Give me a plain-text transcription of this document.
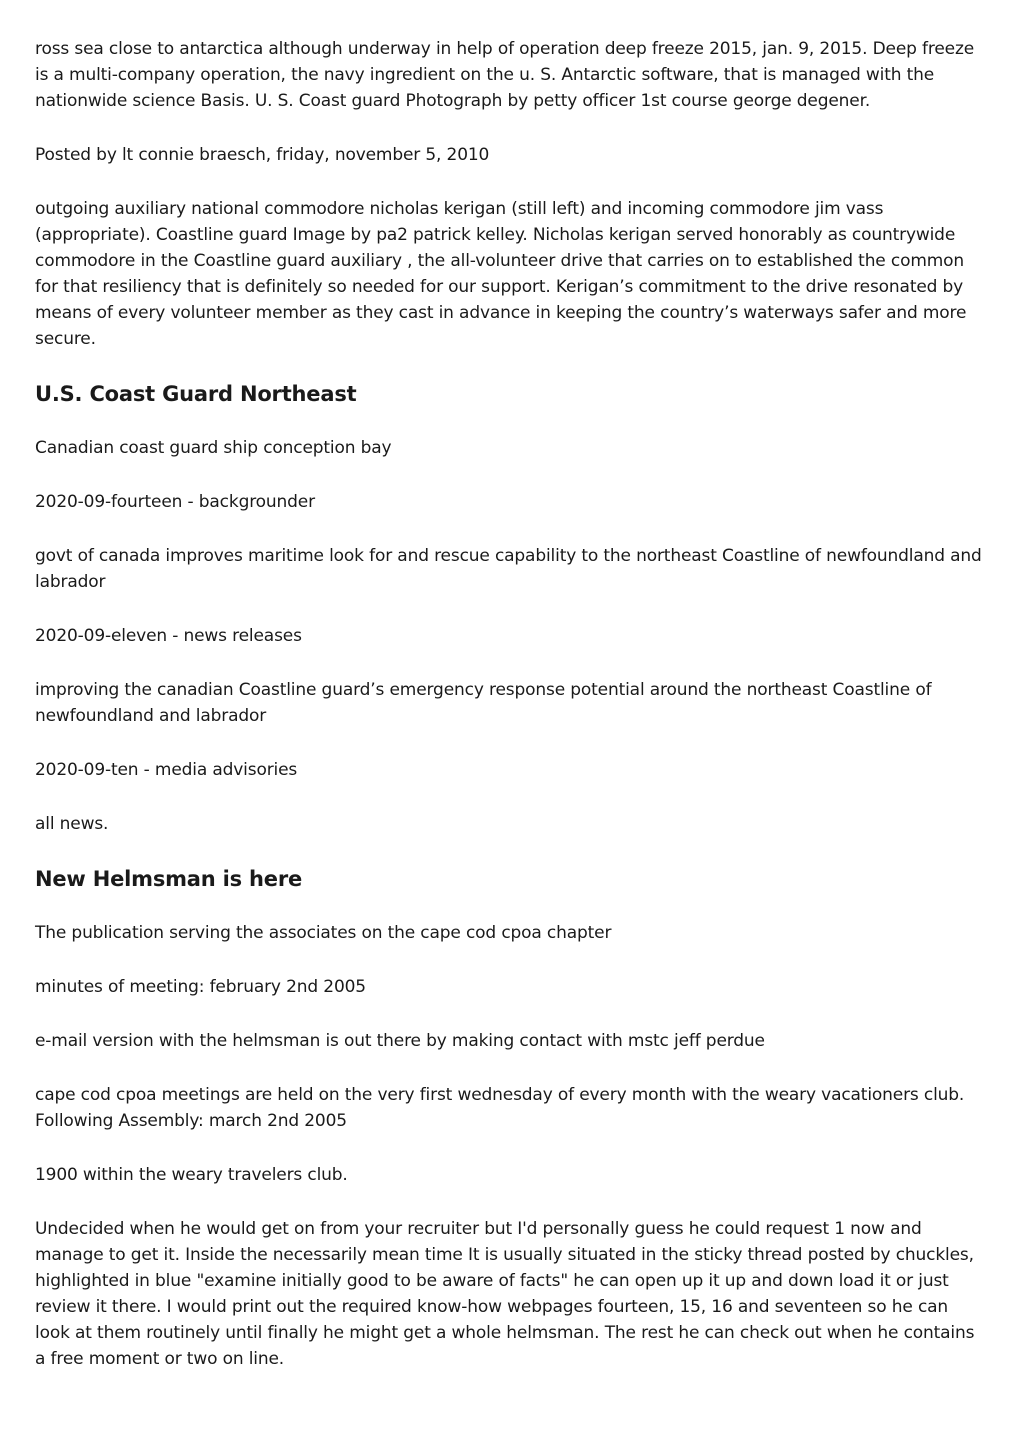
ross sea close to antarctica although underway in help of operation deep freeze 2015, jan. 9, 2015. Deep freeze is a multi-company operation, the navy ingredient on the u. S. Antarctic software, that is managed with the nationwide science Basis. U. S. Coast guard Photograph by petty officer 1st course george degener.

Posted by lt connie braesch, friday, november 5, 2010

outgoing auxiliary national commodore nicholas kerigan (still left) and incoming commodore jim vass (appropriate). Coastline guard Image by pa2 patrick kelley. Nicholas kerigan served honorably as countrywide commodore in the Coastline guard auxiliary , the all-volunteer drive that carries on to established the common for that resiliency that is definitely so needed for our support. Kerigan’s commitment to the drive resonated by means of every volunteer member as they cast in advance in keeping the country’s waterways safer and more secure.

U.S. Coast Guard Northeast

Canadian coast guard ship conception bay

2020-09-fourteen - backgrounder

govt of canada improves maritime look for and rescue capability to the northeast Coastline of newfoundland and labrador

2020-09-eleven - news releases

improving the canadian Coastline guard’s emergency response potential around the northeast Coastline of newfoundland and labrador

2020-09-ten - media advisories

all news.

New Helmsman is here

The publication serving the associates on the cape cod cpoa chapter

minutes of meeting: february 2nd 2005

e-mail version with the helmsman is out there by making contact with mstc jeff perdue

cape cod cpoa meetings are held on the very first wednesday of every month with the weary vacationers club. Following Assembly: march 2nd 2005

1900 within the weary travelers club.

Undecided when he would get on from your recruiter but I'd personally guess he could request 1 now and manage to get it. Inside the necessarily mean time It is usually situated in the sticky thread posted by chuckles, highlighted in blue "examine initially good to be aware of facts" he can open up it up and down load it or just review it there. I would print out the required know-how webpages fourteen, 15, 16 and seventeen so he can look at them routinely until finally he might get a whole helmsman. The rest he can check out when he contains a free moment or two on line.
